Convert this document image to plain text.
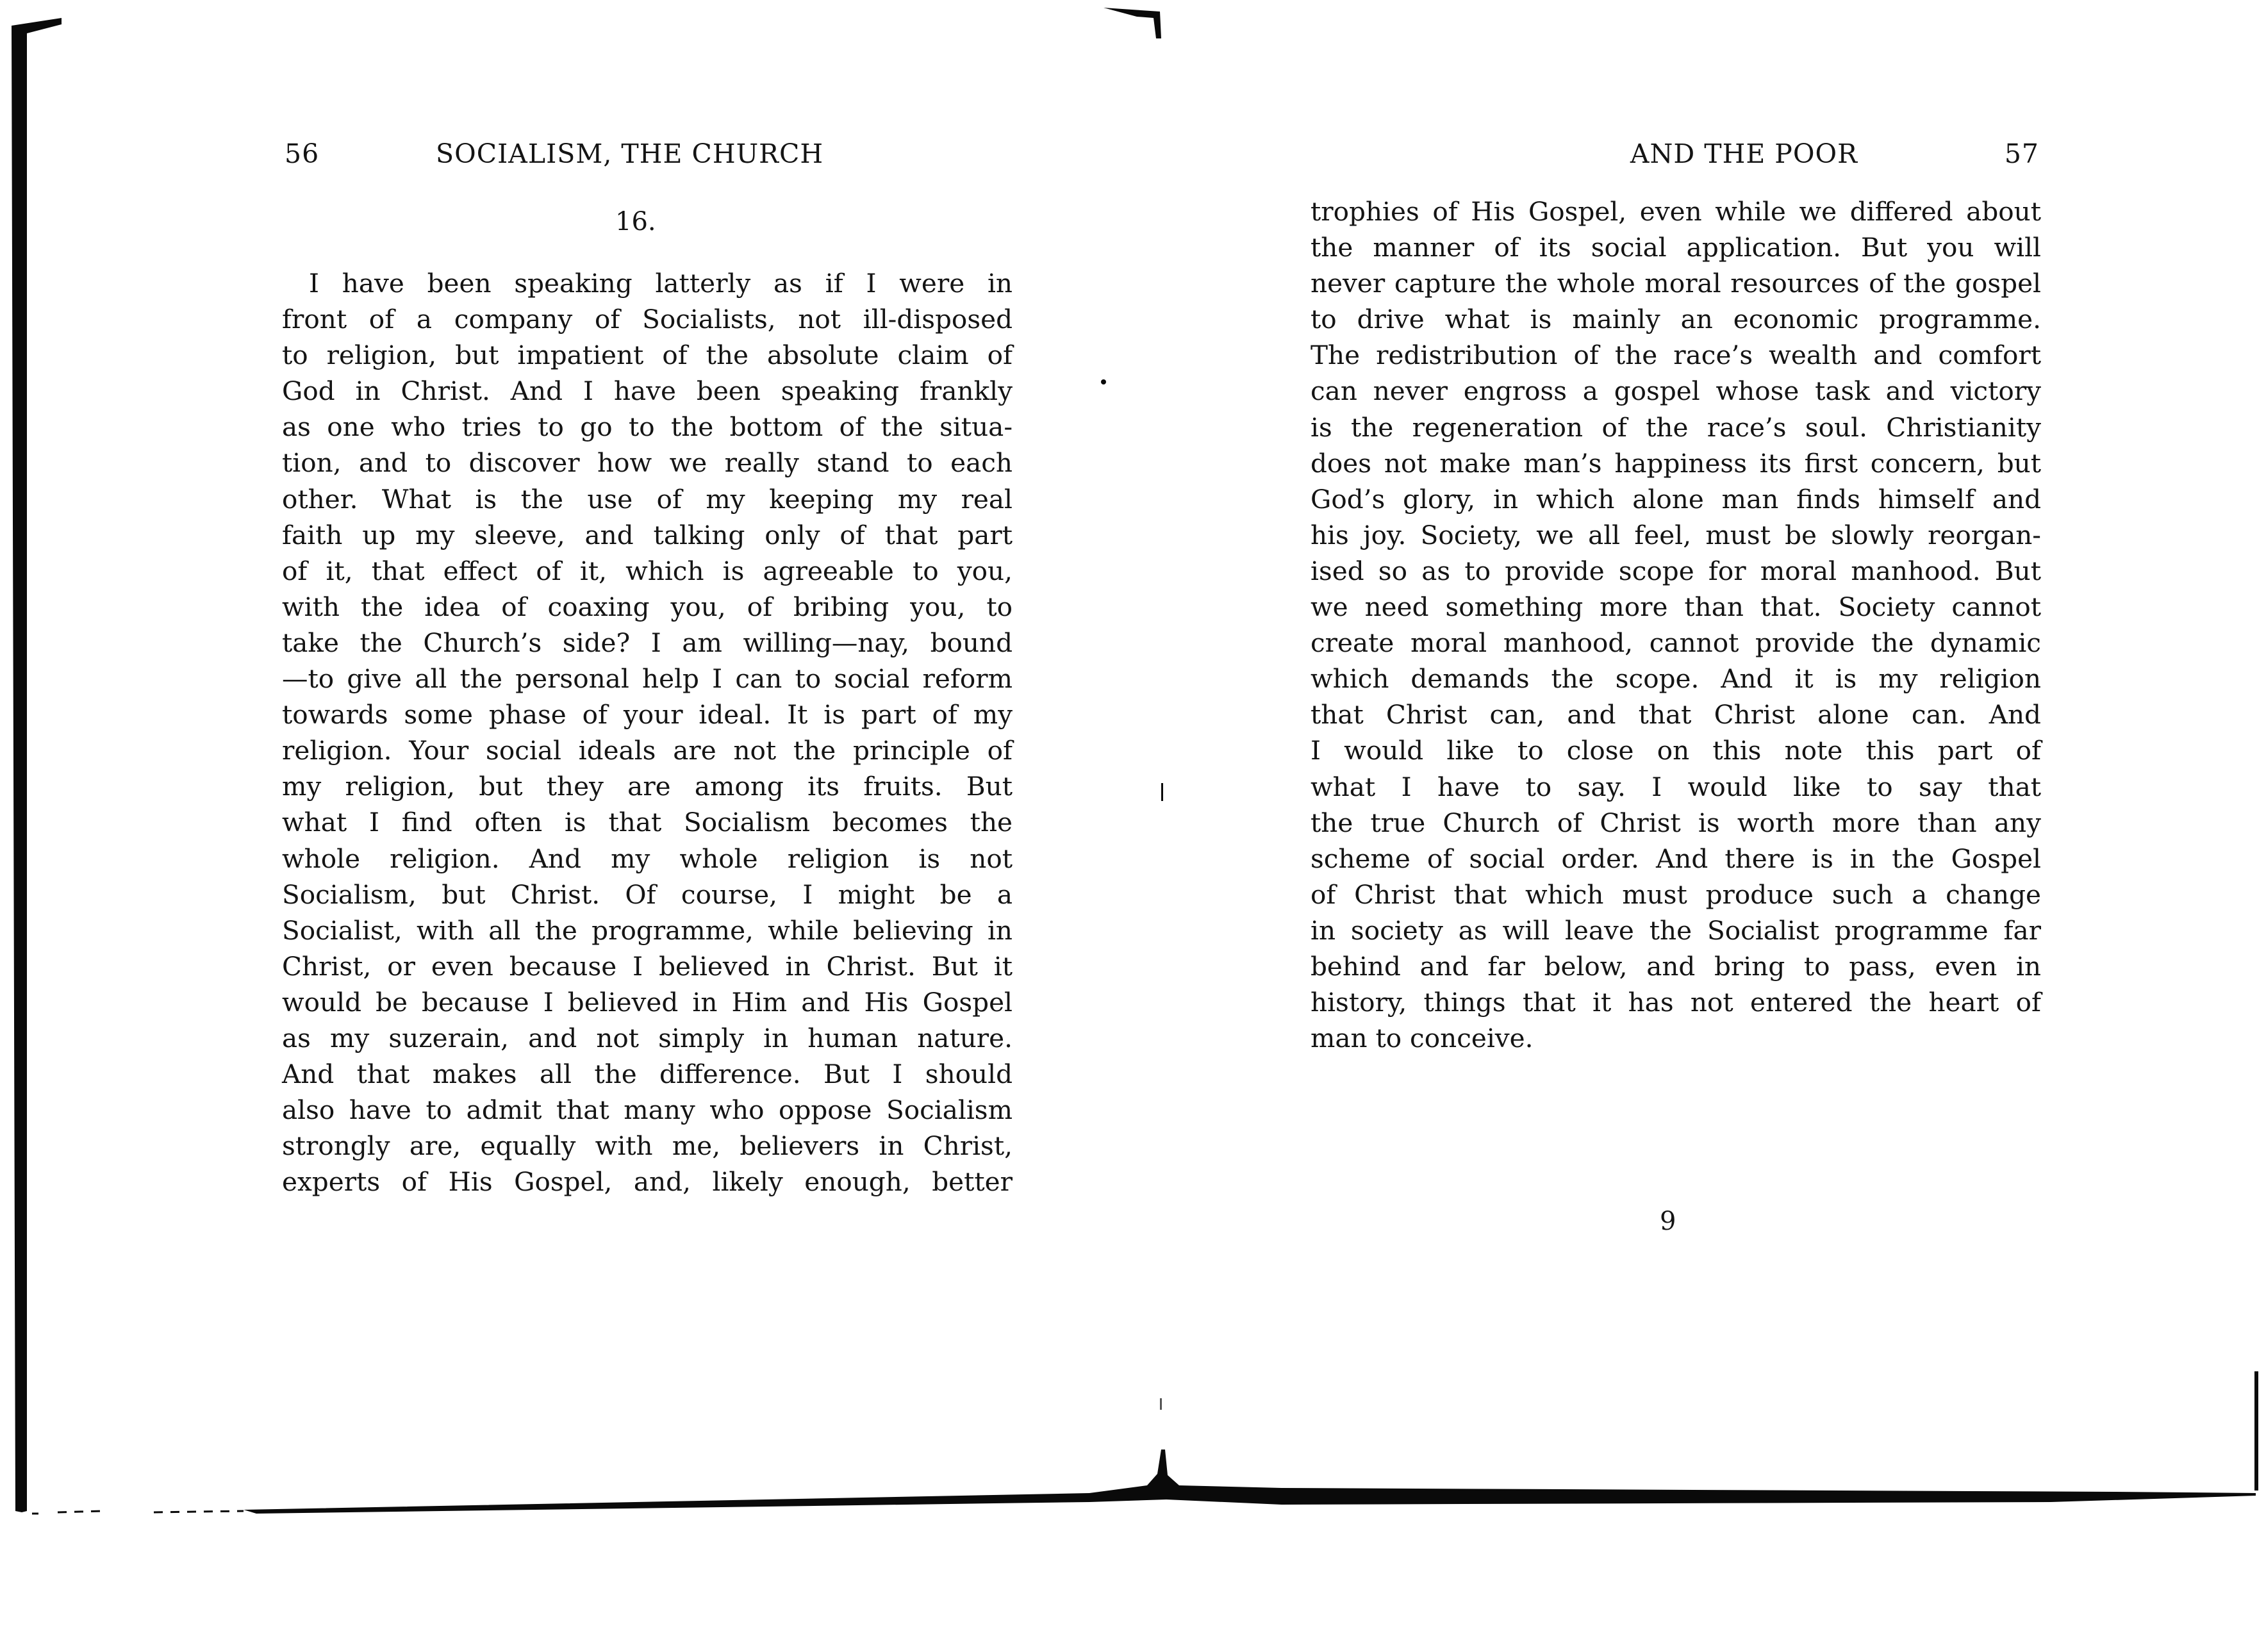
56	SOCIALISM, THE CHURCH
16.
I have been speaking latterly as if I were in
front of a company of Socialists, not ill-disposed
to religion, but impatient of the absolute claim of
God in Christ. And I have been speaking frankly
as one who tries to go to the bottom of the situa-
tion, and to discover how we really stand to each
other. What is the use of my keeping my real
faith up my sleeve, and talking only of that part
of it, that effect of it, which is agreeable to you,
with the idea of coaxing you, of bribing you, to
take the Church’s side? I am willing—nay, bound
—to give all the personal help I can to social reform
towards some phase of your ideal. It is part of my
religion. Your social ideals are not the principle of
my religion, but they are among its fruits. But
what I find often is that Socialism becomes the
whole religion. And my whole religion is not
Socialism, but Christ. Of course, I might be a
Socialist, with all the programme, while believing in
Christ, or even because I believed in Christ. But it
would be because I believed in Him and His Gospel
as my suzerain, and not simply in human nature.
And that makes all the difference. But I should
also have to admit that many who oppose Socialism
strongly are, equally with me, believers in Christ,
experts of His Gospel, and, likely enough, better
AND THE POOR	57
trophies of His Gospel, even while we differed about
the manner of its social application. But you will
never capture the whole moral resources of the gospel
to drive what is mainly an economic programme.
The redistribution of the race’s wealth and comfort
can never engross a gospel whose task and victory
is the regeneration of the race’s soul. Christianity
does not make man’s happiness its first concern, but
God’s glory, in which alone man finds himself and
his joy. Society, we all feel, must be slowly reorgan-
ised so as to provide scope for moral manhood. But
we need something more than that. Society cannot
create moral manhood, cannot provide the dynamic
which demands the scope. And it is my religion
that Christ can, and that Christ alone can. And
I would like to close on this note this part of
what I have to say. I would like to say that
the true Church of Christ is worth more than any
scheme of social order. And there is in the Gospel
of Christ that which must produce such a change
in society as will leave the Socialist programme far
behind and far below, and bring to pass, even in
history, things that it has not entered the heart of
man to conceive.
9
